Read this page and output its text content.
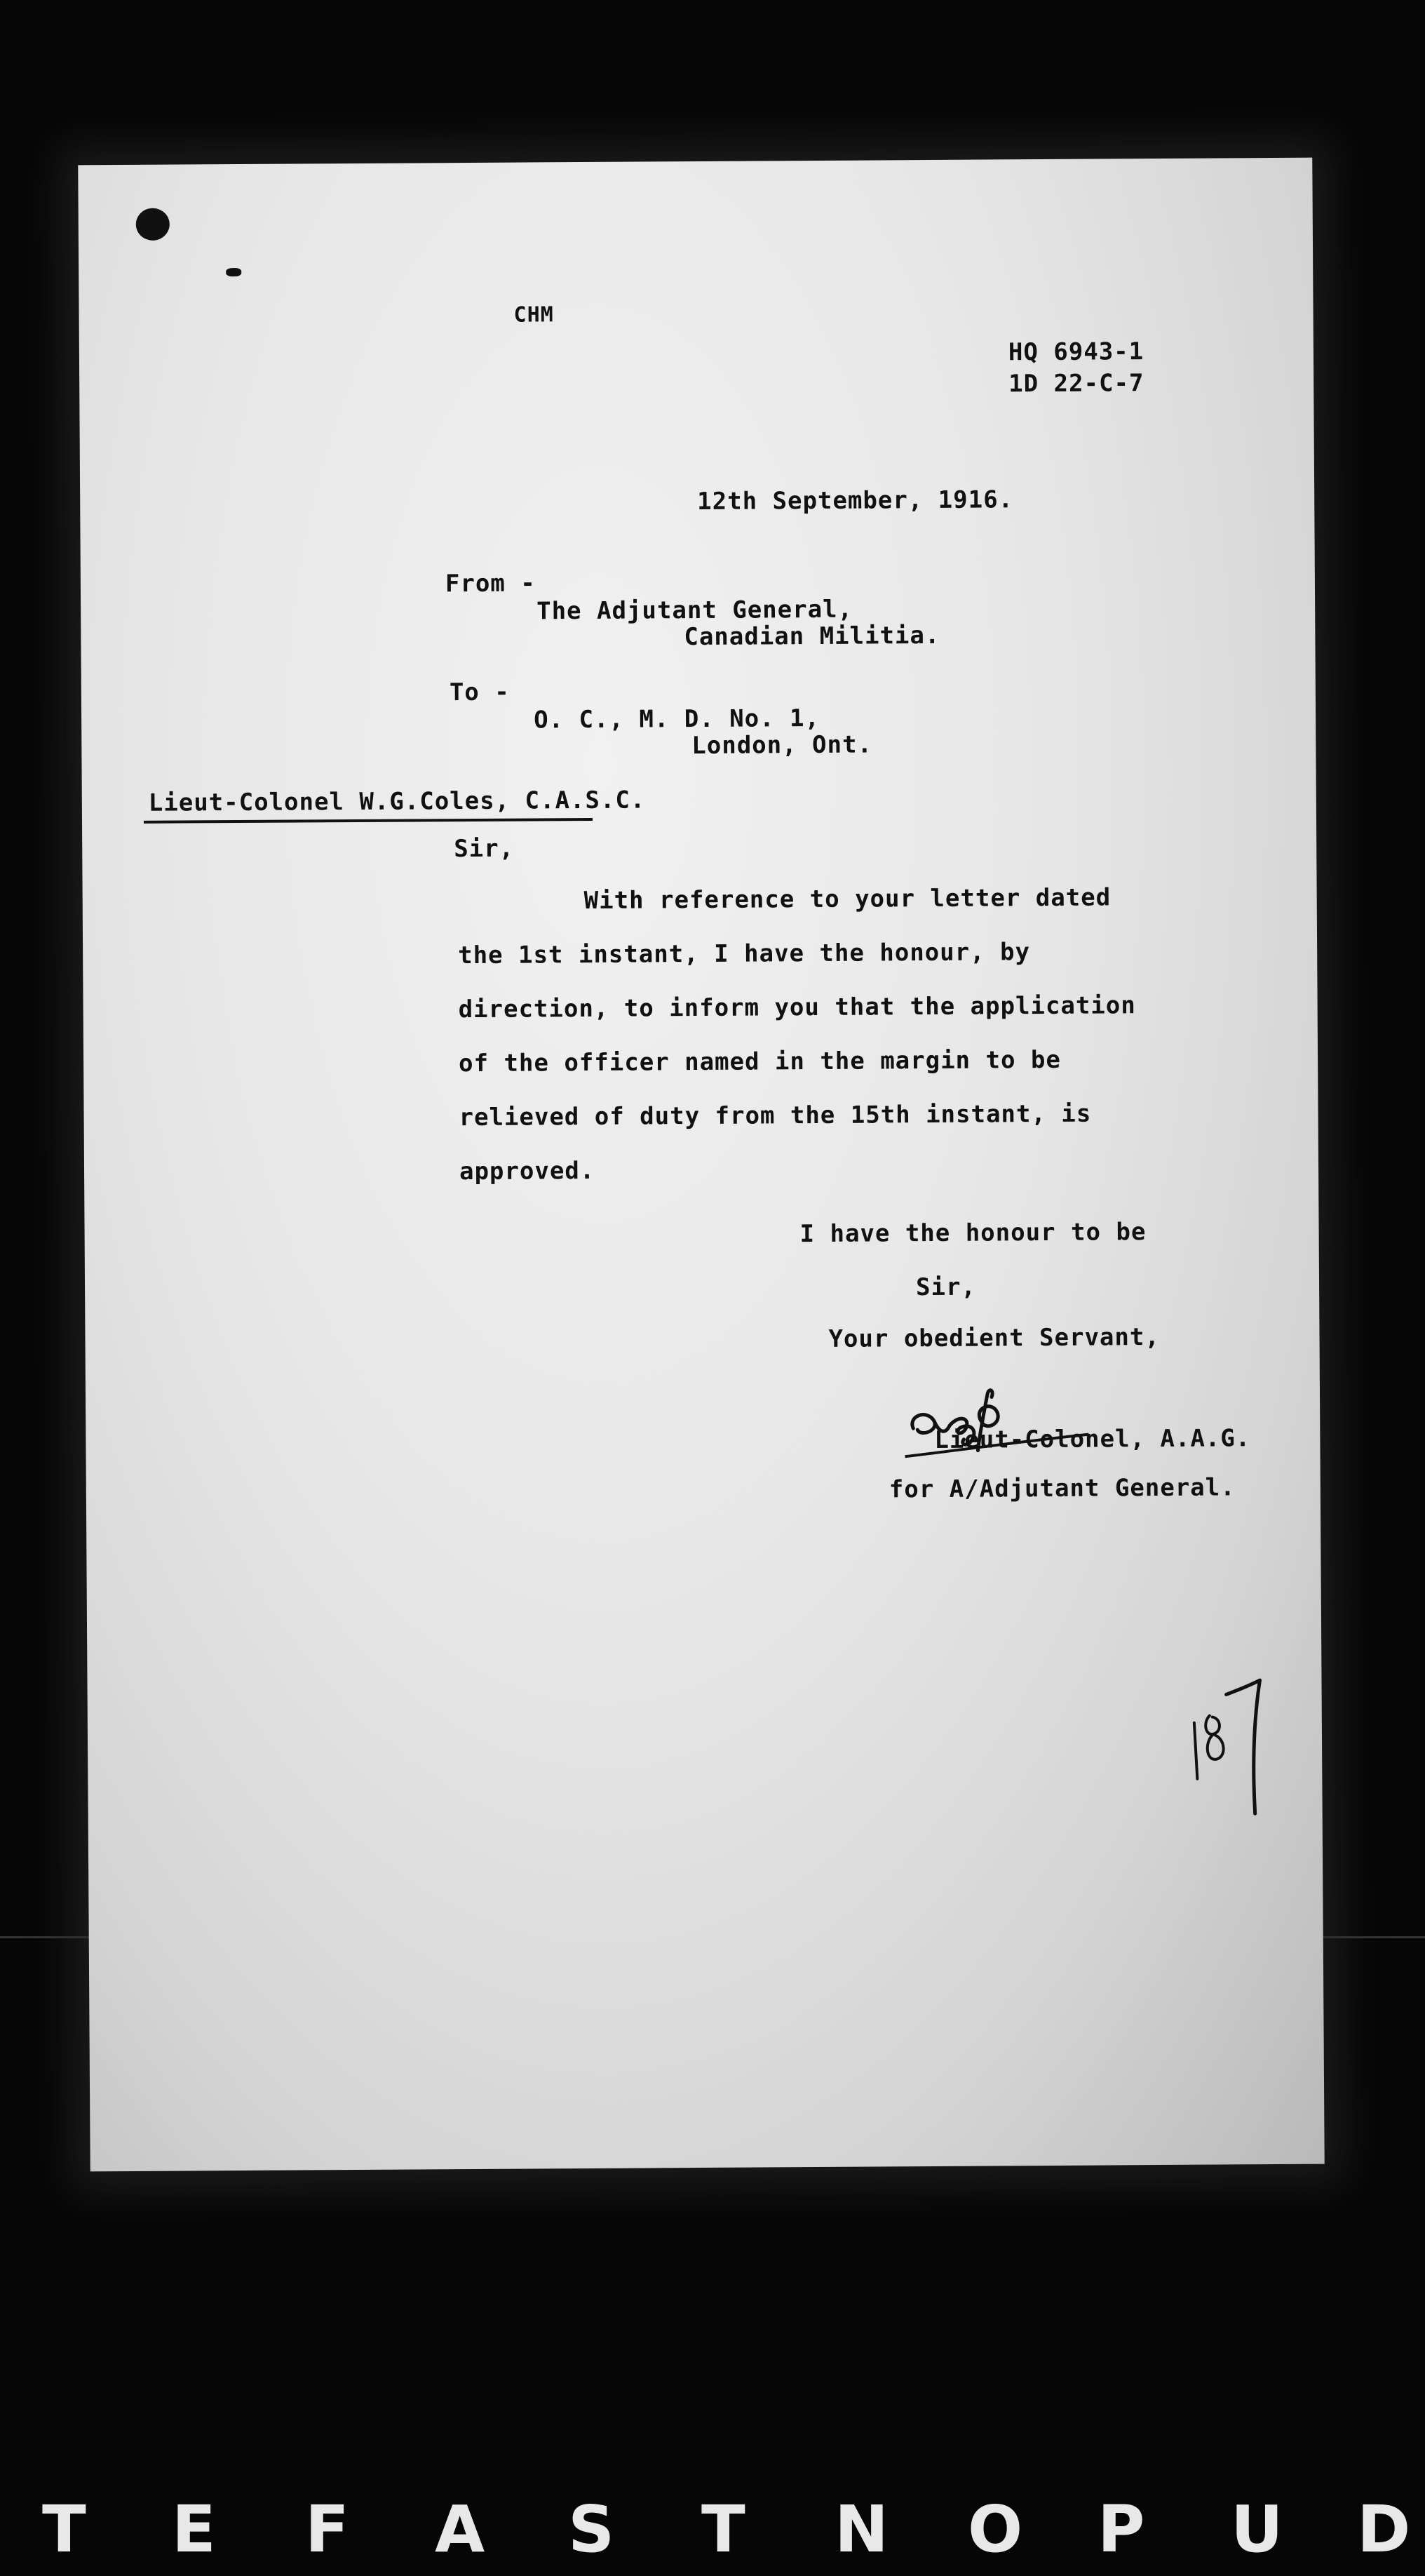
CHM
HQ 6943-1
1D 22-C-7
12th September, 1916.
From -
The Adjutant General,
Canadian Militia.
To -
O. C., M. D. No. 1,
London, Ont.
Lieut-Colonel W.G.Coles, C.A.S.C.
Sir,
With reference to your letter dated
the 1st instant, I have the honour, by
direction, to inform you that the application
of the officer named in the margin to be
relieved of duty from the 15th instant, is
approved.
I have the honour to be
Sir,
Your obedient Servant,
Lieut-Colonel, A.A.G.
for A/Adjutant General.
T E F A S T N O P U D
